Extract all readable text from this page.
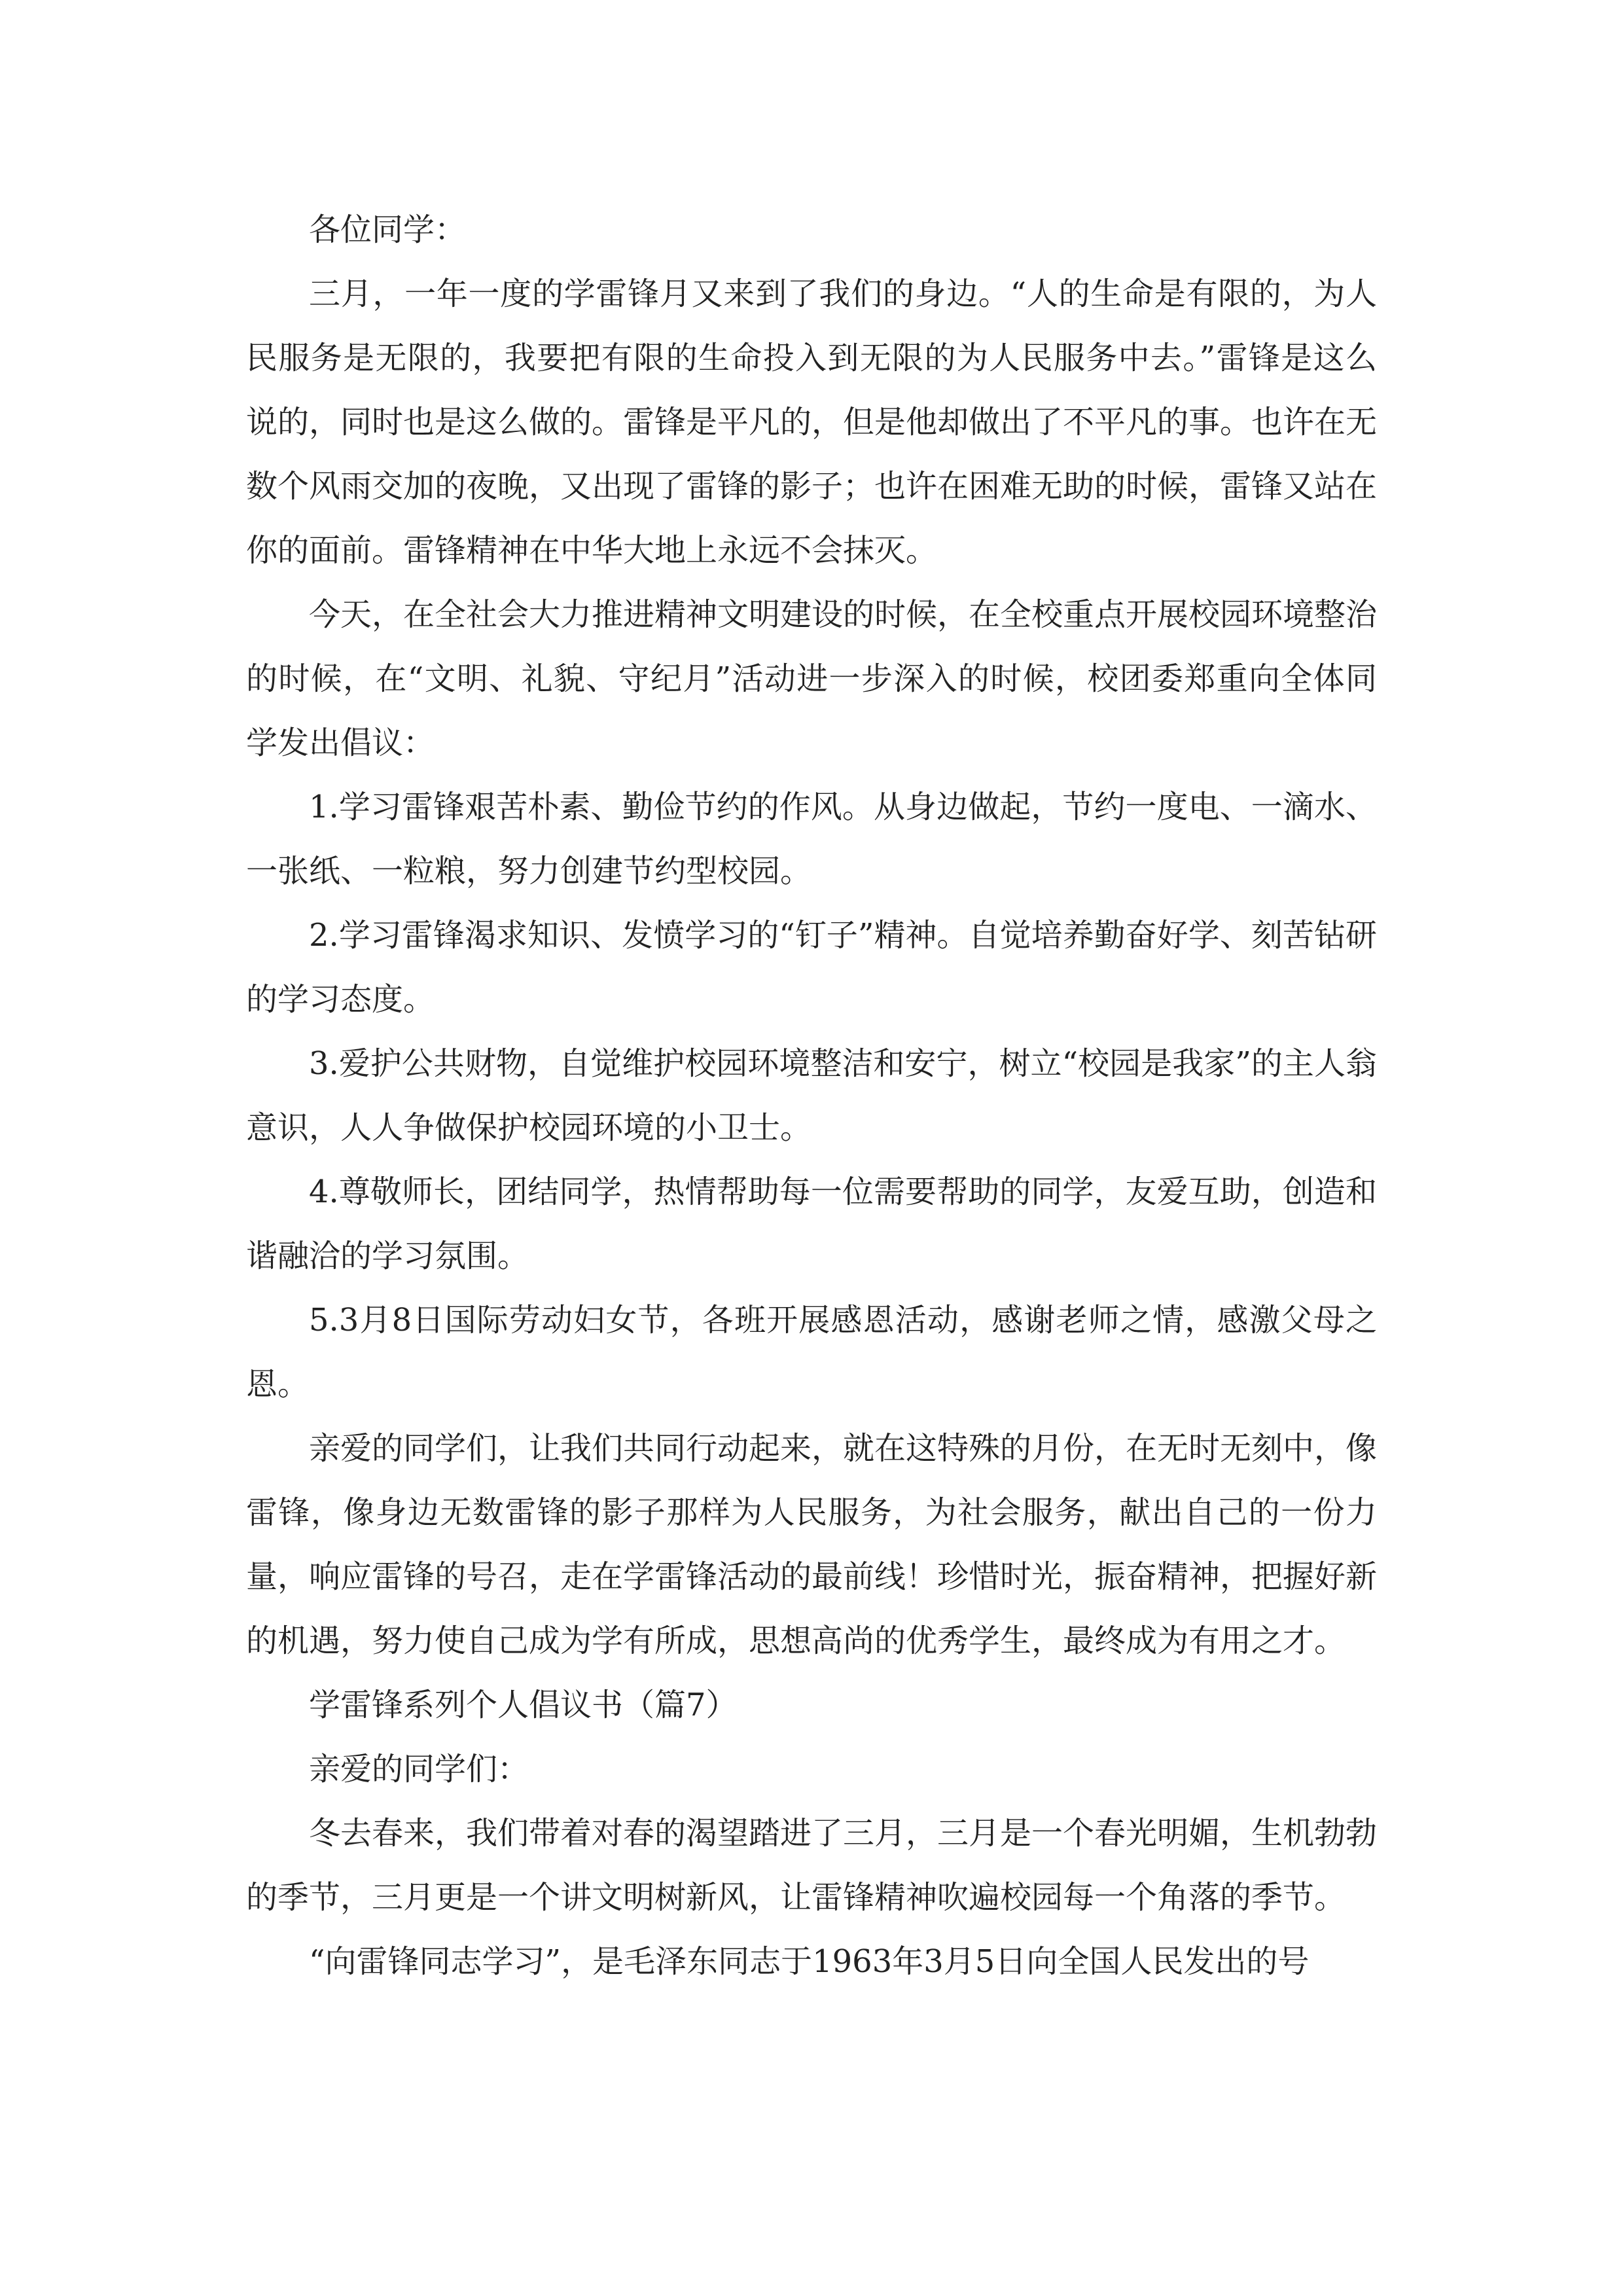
各位同学：

三月，一年一度的学雷锋月又来到了我们的身边。“人的生命是有限的，为人民服务是无限的，我要把有限的生命投入到无限的为人民服务中去。”雷锋是这么说的，同时也是这么做的。雷锋是平凡的，但是他却做出了不平凡的事。也许在无数个风雨交加的夜晚，又出现了雷锋的影子；也许在困难无助的时候，雷锋又站在你的面前。雷锋精神在中华大地上永远不会抹灭。

今天，在全社会大力推进精神文明建设的时候，在全校重点开展校园环境整治的时候，在“文明、礼貌、守纪月”活动进一步深入的时候，校团委郑重向全体同学发出倡议：

1.学习雷锋艰苦朴素、勤俭节约的作风。从身边做起，节约一度电、一滴水、一张纸、一粒粮，努力创建节约型校园。

2.学习雷锋渴求知识、发愤学习的“钉子”精神。自觉培养勤奋好学、刻苦钻研的学习态度。

3.爱护公共财物，自觉维护校园环境整洁和安宁，树立“校园是我家”的主人翁意识，人人争做保护校园环境的小卫士。

4.尊敬师长，团结同学，热情帮助每一位需要帮助的同学，友爱互助，创造和谐融洽的学习氛围。

5.3月8日国际劳动妇女节，各班开展感恩活动，感谢老师之情，感激父母之恩。

亲爱的同学们，让我们共同行动起来，就在这特殊的月份，在无时无刻中，像雷锋，像身边无数雷锋的影子那样为人民服务，为社会服务，献出自己的一份力量，响应雷锋的号召，走在学雷锋活动的最前线！珍惜时光，振奋精神，把握好新的机遇，努力使自己成为学有所成，思想高尚的优秀学生，最终成为有用之才。

学雷锋系列个人倡议书（篇7）

亲爱的同学们：

冬去春来，我们带着对春的渴望踏进了三月，三月是一个春光明媚，生机勃勃的季节，三月更是一个讲文明树新风，让雷锋精神吹遍校园每一个角落的季节。

“向雷锋同志学习”，是毛泽东同志于1963年3月5日向全国人民发出的号
